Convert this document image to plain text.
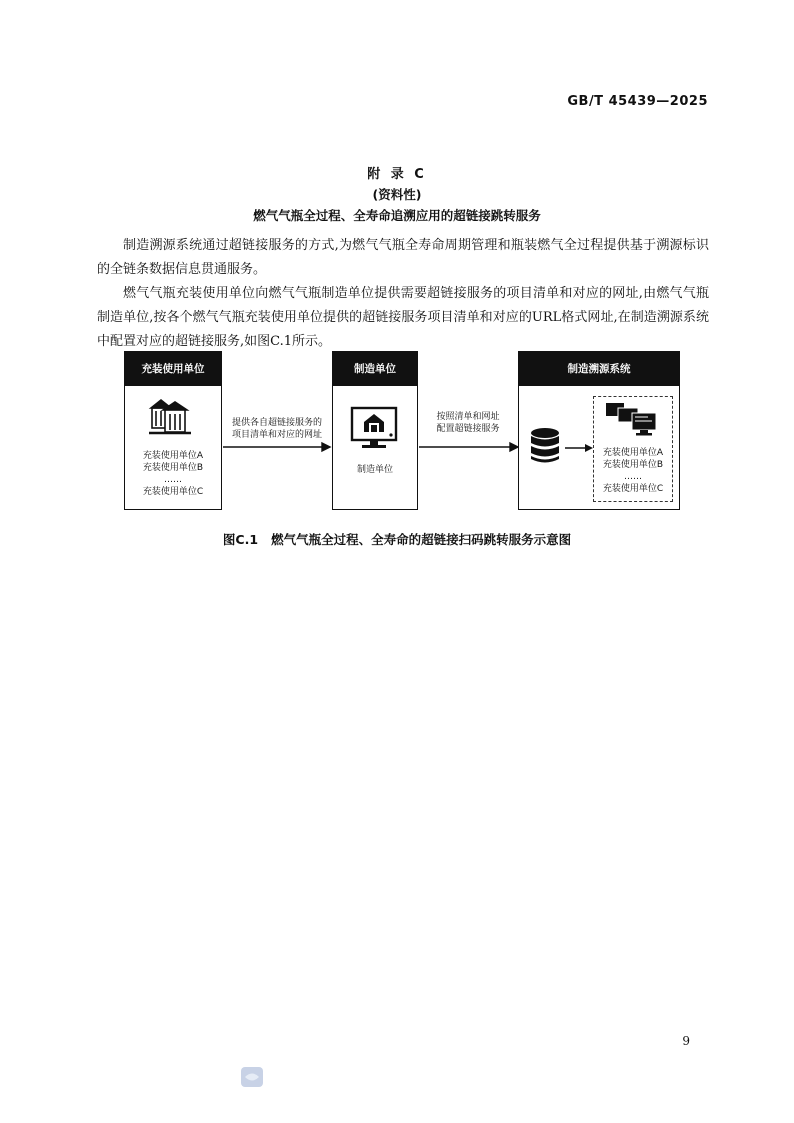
GB/T 45439—2025
附 录 C
(资料性)
燃气气瓶全过程、全寿命追溯应用的超链接跳转服务
制造溯源系统通过超链接服务的方式,为燃气气瓶全寿命周期管理和瓶装燃气全过程提供基于溯源标识的全链条数据信息贯通服务。
燃气气瓶充装使用单位向燃气气瓶制造单位提供需要超链接服务的项目清单和对应的网址,由燃气气瓶制造单位,按各个燃气气瓶充装使用单位提供的超链接服务项目清单和对应的URL格式网址,在制造溯源系统中配置对应的超链接服务,如图C.1所示。
提供各自超链接服务的
项目清单和对应的网址
按照清单和网址
配置超链接服务
充装使用单位
充装使用单位A
充装使用单位B
……
充装使用单位C
制造单位
制造单位
制造溯源系统
充装使用单位A
充装使用单位B
……
充装使用单位C
图C.1 燃气气瓶全过程、全寿命的超链接扫码跳转服务示意图
9
